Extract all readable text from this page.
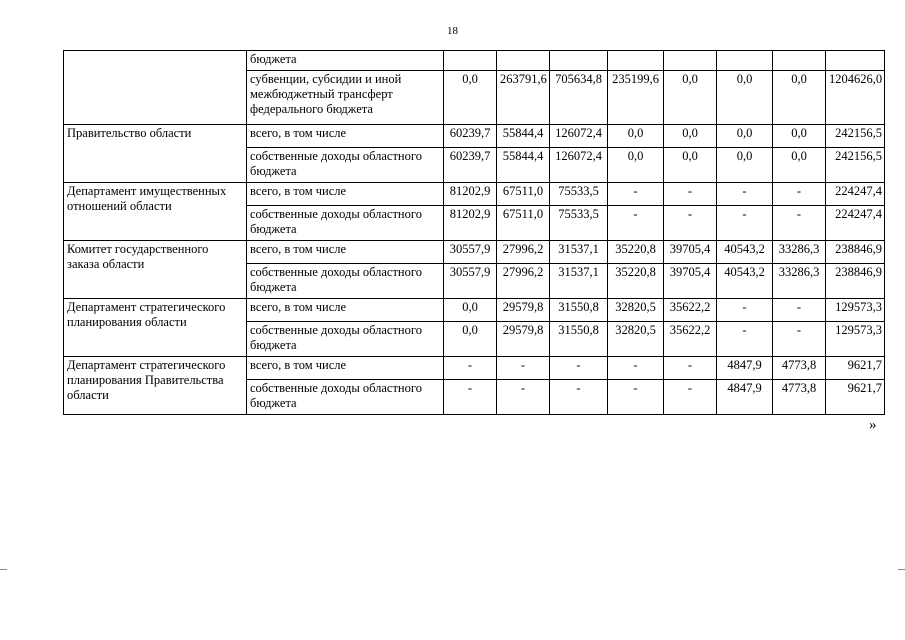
18
	бюджета								
	субвенции, субсидии и иной межбюджетный трансферт федерального бюджета	0,0	263791,6	705634,8	235199,6	0,0	0,0	0,0	1204626,0
Правительство области	всего, в том числе	60239,7	55844,4	126072,4	0,0	0,0	0,0	0,0	242156,5
	собственные доходы областного бюджета	60239,7	55844,4	126072,4	0,0	0,0	0,0	0,0	242156,5
Департамент имущественных отношений области	всего, в том числе	81202,9	67511,0	75533,5	-	-	-	-	224247,4
	собственные доходы областного бюджета	81202,9	67511,0	75533,5	-	-	-	-	224247,4
Комитет государственного заказа области	всего, в том числе	30557,9	27996,2	31537,1	35220,8	39705,4	40543,2	33286,3	238846,9
	собственные доходы областного бюджета	30557,9	27996,2	31537,1	35220,8	39705,4	40543,2	33286,3	238846,9
Департамент стратегического планирования области	всего, в том числе	0,0	29579,8	31550,8	32820,5	35622,2	-	-	129573,3
	собственные доходы областного бюджета	0,0	29579,8	31550,8	32820,5	35622,2	-	-	129573,3
Департамент стратегического планирования Правительства области	всего, в том числе	-	-	-	-	-	4847,9	4773,8	9621,7
	собственные доходы областного бюджета	-	-	-	-	-	4847,9	4773,8	9621,7
»
